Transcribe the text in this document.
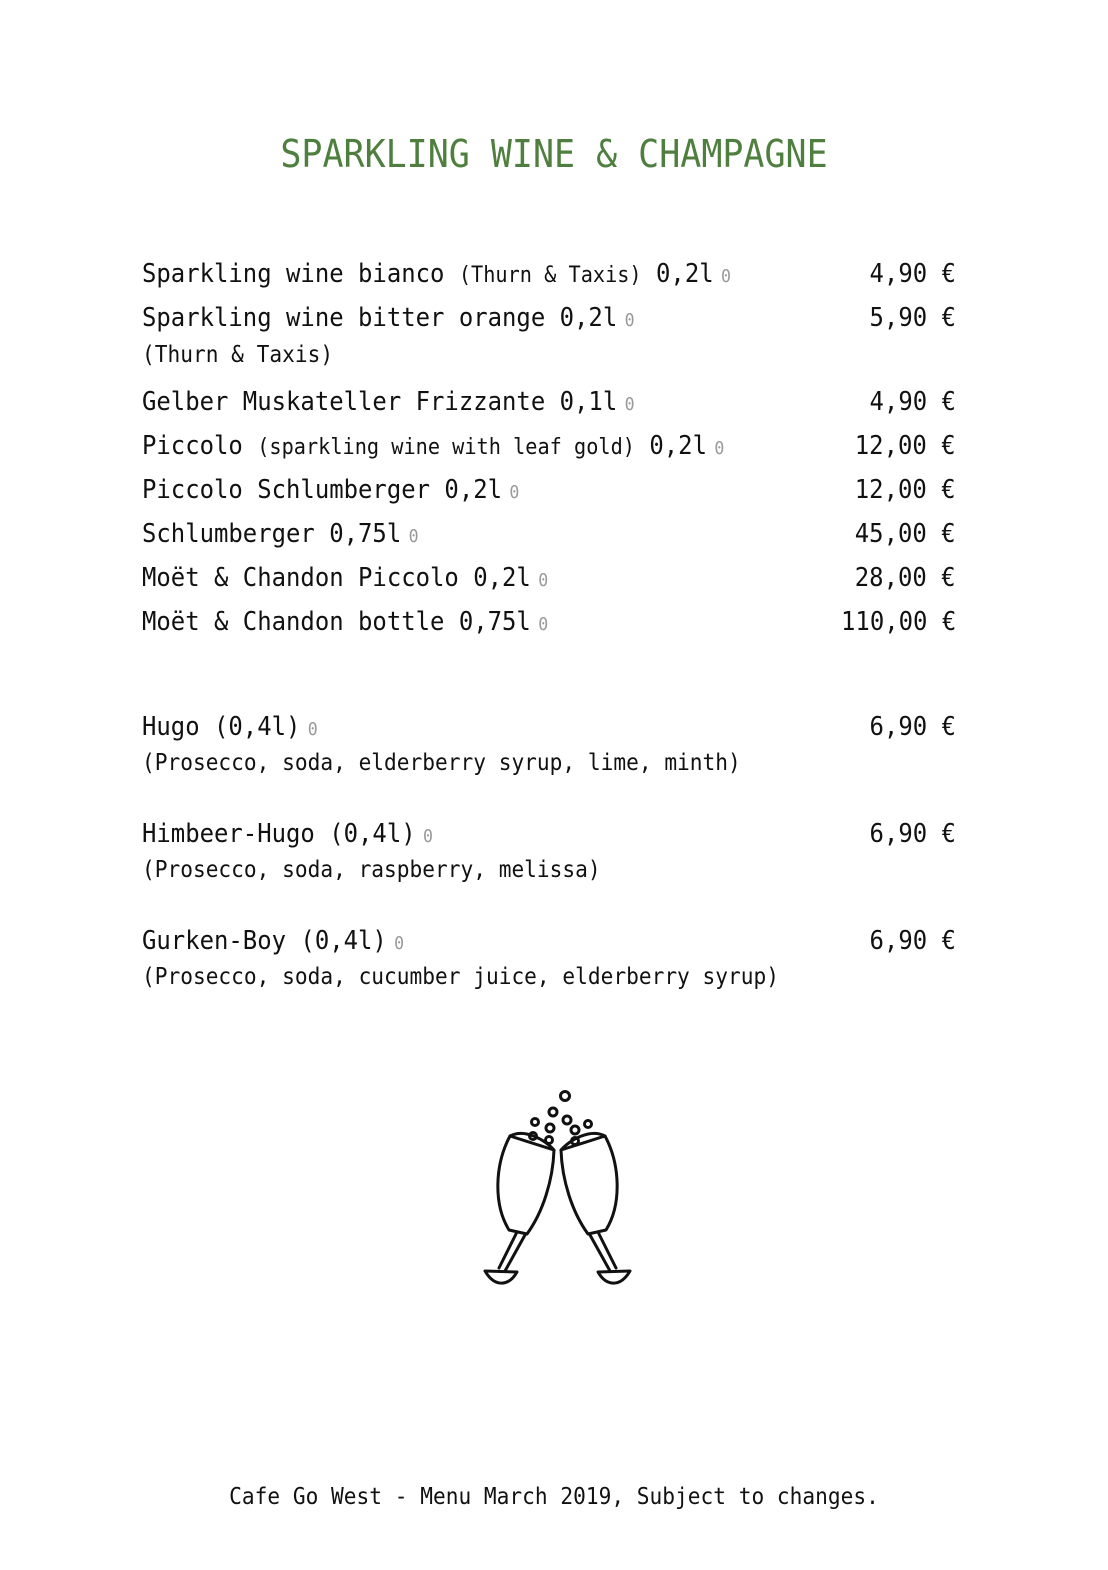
SPARKLING WINE & CHAMPAGNE
Sparkling wine bianco (Thurn & Taxis) 0,2l 0	4,90 €
Sparkling wine bitter orange 0,2l 0	5,90 €
(Thurn & Taxis)
Gelber Muskateller Frizzante 0,1l 0	4,90 €
Piccolo (sparkling wine with leaf gold) 0,2l 0	12,00 €
Piccolo Schlumberger 0,2l 0	12,00 €
Schlumberger 0,75l 0	45,00 €
Moët & Chandon Piccolo 0,2l 0	28,00 €
Moët & Chandon bottle 0,75l 0	110,00 €
Hugo (0,4l) 0	6,90 €
(Prosecco, soda, elderberry syrup, lime, minth)
Himbeer-Hugo (0,4l) 0	6,90 €
(Prosecco, soda, raspberry, melissa)
Gurken-Boy (0,4l) 0	6,90 €
(Prosecco, soda, cucumber juice, elderberry syrup)
Cafe Go West - Menu March 2019, Subject to changes.
